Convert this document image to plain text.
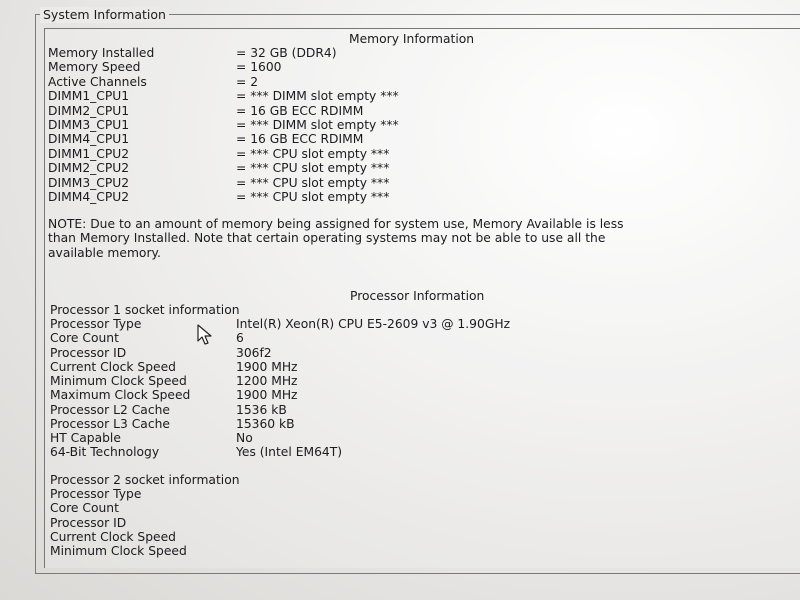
System Information
Memory Information
Memory Installed	= 32 GB (DDR4)
Memory Speed	= 1600
Active Channels	= 2
DIMM1_CPU1	= *** DIMM slot empty ***
DIMM2_CPU1	= 16 GB ECC RDIMM
DIMM3_CPU1	= *** DIMM slot empty ***
DIMM4_CPU1	= 16 GB ECC RDIMM
DIMM1_CPU2	= *** CPU slot empty ***
DIMM2_CPU2	= *** CPU slot empty ***
DIMM3_CPU2	= *** CPU slot empty ***
DIMM4_CPU2	= *** CPU slot empty ***
NOTE: Due to an amount of memory being assigned for system use, Memory Available is less
than Memory Installed. Note that certain operating systems may not be able to use all the
available memory.
Processor Information
Processor 1 socket information
Processor Type	Intel(R) Xeon(R) CPU E5-2609 v3 @ 1.90GHz
Core Count	6
Processor ID	306f2
Current Clock Speed	1900 MHz
Minimum Clock Speed	1200 MHz
Maximum Clock Speed	1900 MHz
Processor L2 Cache	1536 kB
Processor L3 Cache	15360 kB
HT Capable	No
64-Bit Technology	Yes (Intel EM64T)
Processor 2 socket information
Processor Type
Core Count
Processor ID
Current Clock Speed
Minimum Clock Speed
